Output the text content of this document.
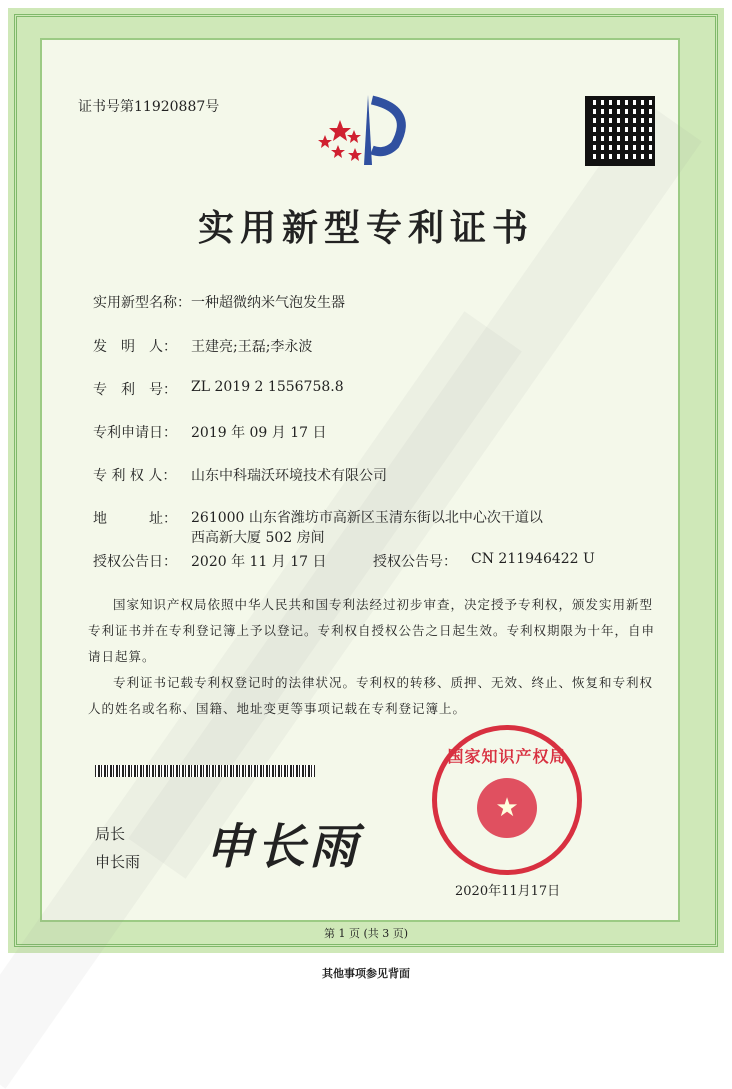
证书号第11920887号
实用新型专利证书
实用新型名称： 一种超微纳米气泡发生器
发　明　人：	王建亮;王磊;李永波
专　利　号：	ZL 2019 2 1556758.8
专利申请日：	2019 年 09 月 17 日
专 利 权 人：	山东中科瑞沃环境技术有限公司
地　　　址：	261000 山东省潍坊市高新区玉清东街以北中心次干道以
西高新大厦 502 房间
授权公告日：	2020 年 11 月 17 日	授权公告号：	CN 211946422 U
国家知识产权局依照中华人民共和国专利法经过初步审查，决定授予专利权，颁发实用新型专利证书并在专利登记簿上予以登记。专利权自授权公告之日起生效。专利权期限为十年，自申请日起算。
专利证书记载专利权登记时的法律状况。专利权的转移、质押、无效、终止、恢复和专利权人的姓名或名称、国籍、地址变更等事项记载在专利登记簿上。
局长
申长雨 申长雨
国家知识产权局
★
2020年11月17日
第 1 页 (共 3 页)
其他事项参见背面
